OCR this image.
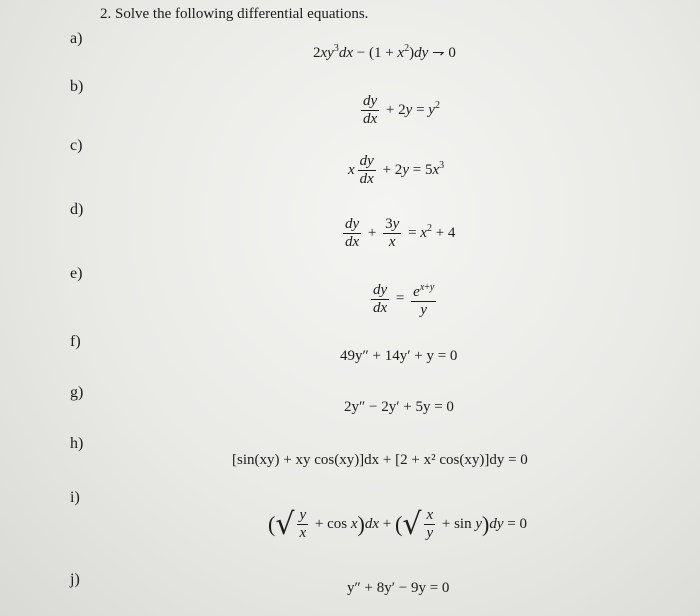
2. Solve the following differential equations.
a)
b)
c)
d)
e)
f)
g)
h)
i)
j)
$2xy^3dx - (1 + x^2)dy$ ⇁ 0
$\frac{dy}{dx} + 2y = y^2$
x $\frac{dy}{dx} + 2y = 5x^3$
$\frac{dy}{dx} + \frac{3y}{x} = x^2 + 4$
$\frac{dy}{dx} = \frac{e^{x+y}}{y}$
49y″ + 14y′ + y = 0
2y″ − 2y′ + 5y = 0
[sin(xy) + xy cos(xy)]dx + [2 + x² cos(xy)]dy = 0
(√ $\frac{y}{x} + \cos x)dx$ + (√ $\frac{x}{y} + \sin y)dy = 0$
y″ + 8y′ − 9y = 0
